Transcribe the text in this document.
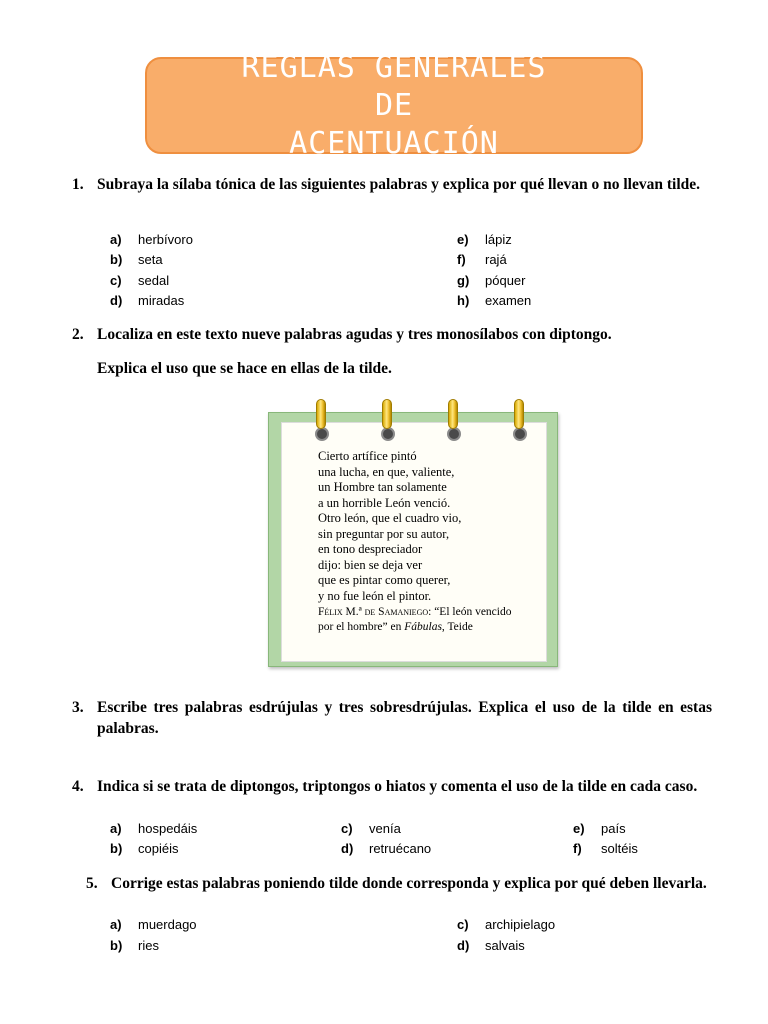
REGLAS GENERALES DE
ACENTUACIÓN
1. Subraya la sílaba tónica de las siguientes palabras y explica por qué llevan o no llevan tilde.
a)	herbívoro
b)	seta
c)	sedal
d)	miradas
e)	lápiz
f)	rajá
g)	póquer
h)	examen
2. Localiza en este texto nueve palabras agudas y tres monosílabos con diptongo.
Explica el uso que se hace en ellas de la tilde.
Cierto artífice pintó
una lucha, en que, valiente,
un Hombre tan solamente
a un horrible León venció.
Otro león, que el cuadro vio,
sin preguntar por su autor,
en tono despreciador
dijo: bien se deja ver
que es pintar como querer,
y no fue león el pintor.
Félix M.ª de Samaniego: “El león vencido por el hombre” en Fábulas, Teide
3. Escribe tres palabras esdrújulas y tres sobresdrújulas. Explica el uso de la tilde en estas palabras.
4. Indica si se trata de diptongos, triptongos o hiatos y comenta el uso de la tilde en cada caso.
a)	hospedáis
b)	copiéis
c)	venía
d)	retruécano
e)	país
f)	soltéis
5. Corrige estas palabras poniendo tilde donde corresponda y explica por qué deben llevarla.
a)	muerdago
b)	ries
c)	archipielago
d)	salvais
